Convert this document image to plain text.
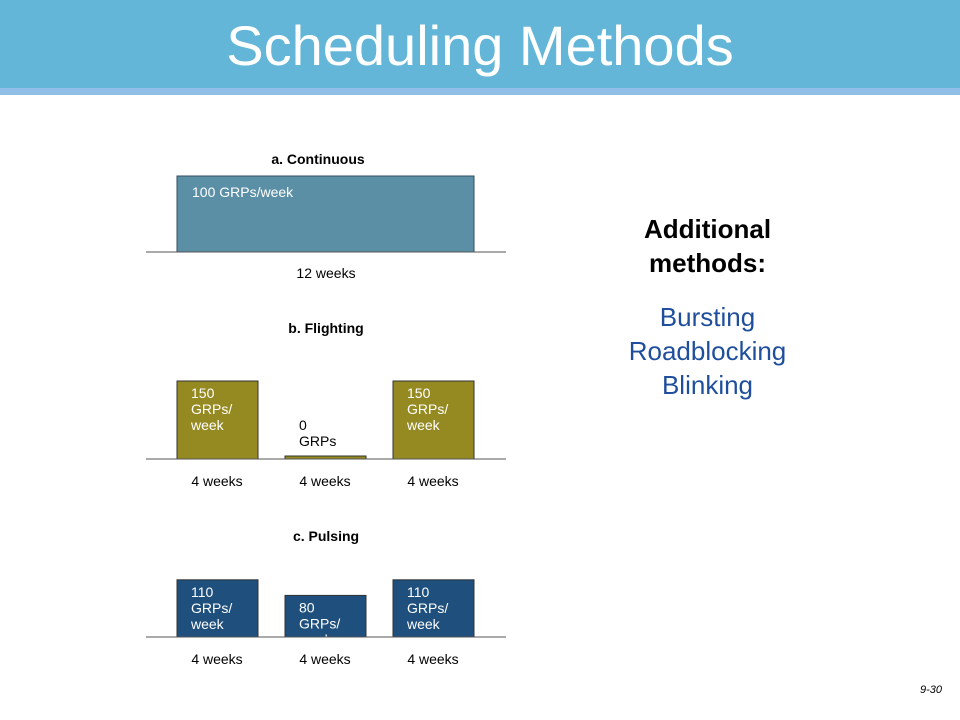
Scheduling Methods
a. Continuous
100 GRPs/week
12 weeks
b. Flighting
150
GRPs/
week
4 weeks
0
GRPs
4 weeks
150
GRPs/
week
4 weeks
c. Pulsing
110
GRPs/
week
4 weeks
80
GRPs/
week
4 weeks
110
GRPs/
week
4 weeks
Additional methods:
Bursting
Roadblocking
Blinking
9-30
